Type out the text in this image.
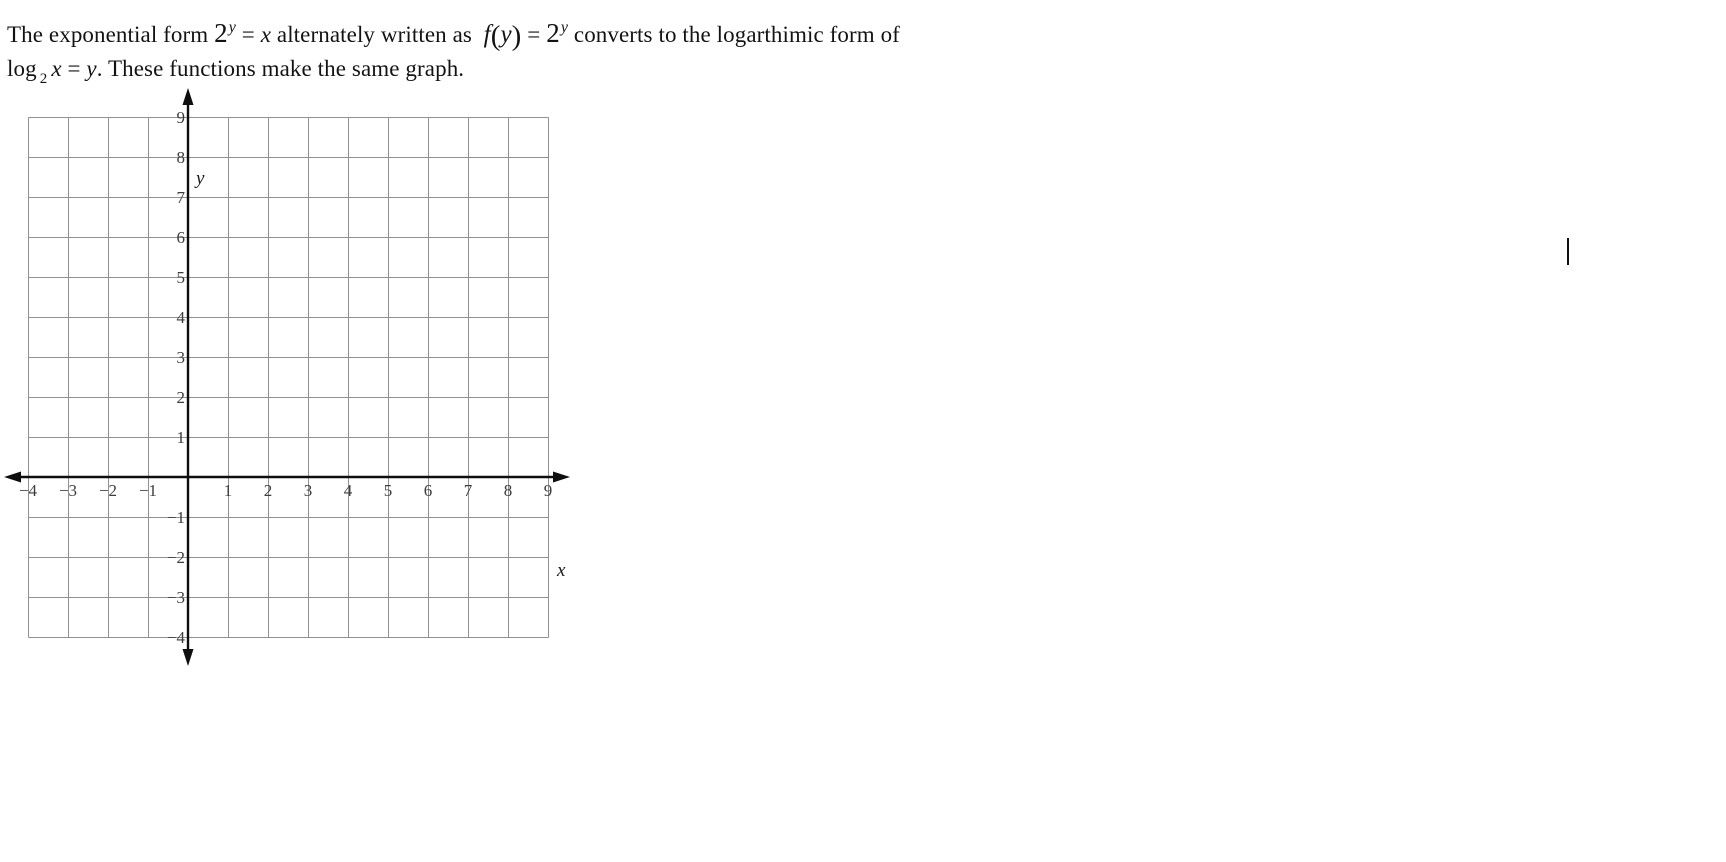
The exponential form $2^y = x$ alternately written as  $f(y) = 2^y$ converts to the logarthimic form of

log $_2$ x = y. These functions make the same graph.

−4 −3 −2 −1	1 2 3 4 5 6 7 8 9
9
8
7
6
5
4
3
2
1
−1
−2
−3
−4
y
x
